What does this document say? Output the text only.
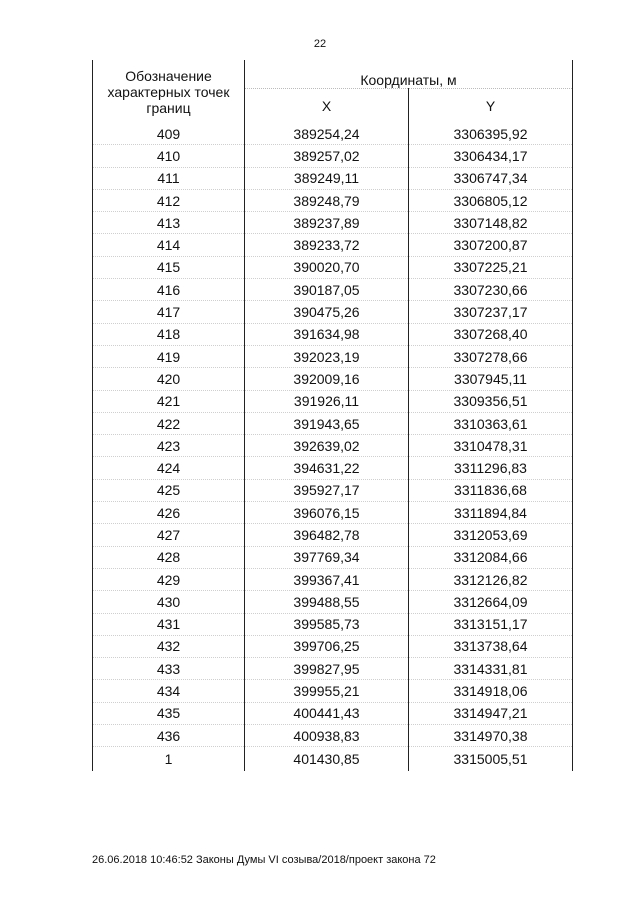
22
Обозначение характерных точек границ	Координаты, м	
	X	Y
409	389254,24	3306395,92
410	389257,02	3306434,17
411	389249,11	3306747,34
412	389248,79	3306805,12
413	389237,89	3307148,82
414	389233,72	3307200,87
415	390020,70	3307225,21
416	390187,05	3307230,66
417	390475,26	3307237,17
418	391634,98	3307268,40
419	392023,19	3307278,66
420	392009,16	3307945,11
421	391926,11	3309356,51
422	391943,65	3310363,61
423	392639,02	3310478,31
424	394631,22	3311296,83
425	395927,17	3311836,68
426	396076,15	3311894,84
427	396482,78	3312053,69
428	397769,34	3312084,66
429	399367,41	3312126,82
430	399488,55	3312664,09
431	399585,73	3313151,17
432	399706,25	3313738,64
433	399827,95	3314331,81
434	399955,21	3314918,06
435	400441,43	3314947,21
436	400938,83	3314970,38
1	401430,85	3315005,51
26.06.2018 10:46:52 Законы Думы VI созыва/2018/проект закона 72
